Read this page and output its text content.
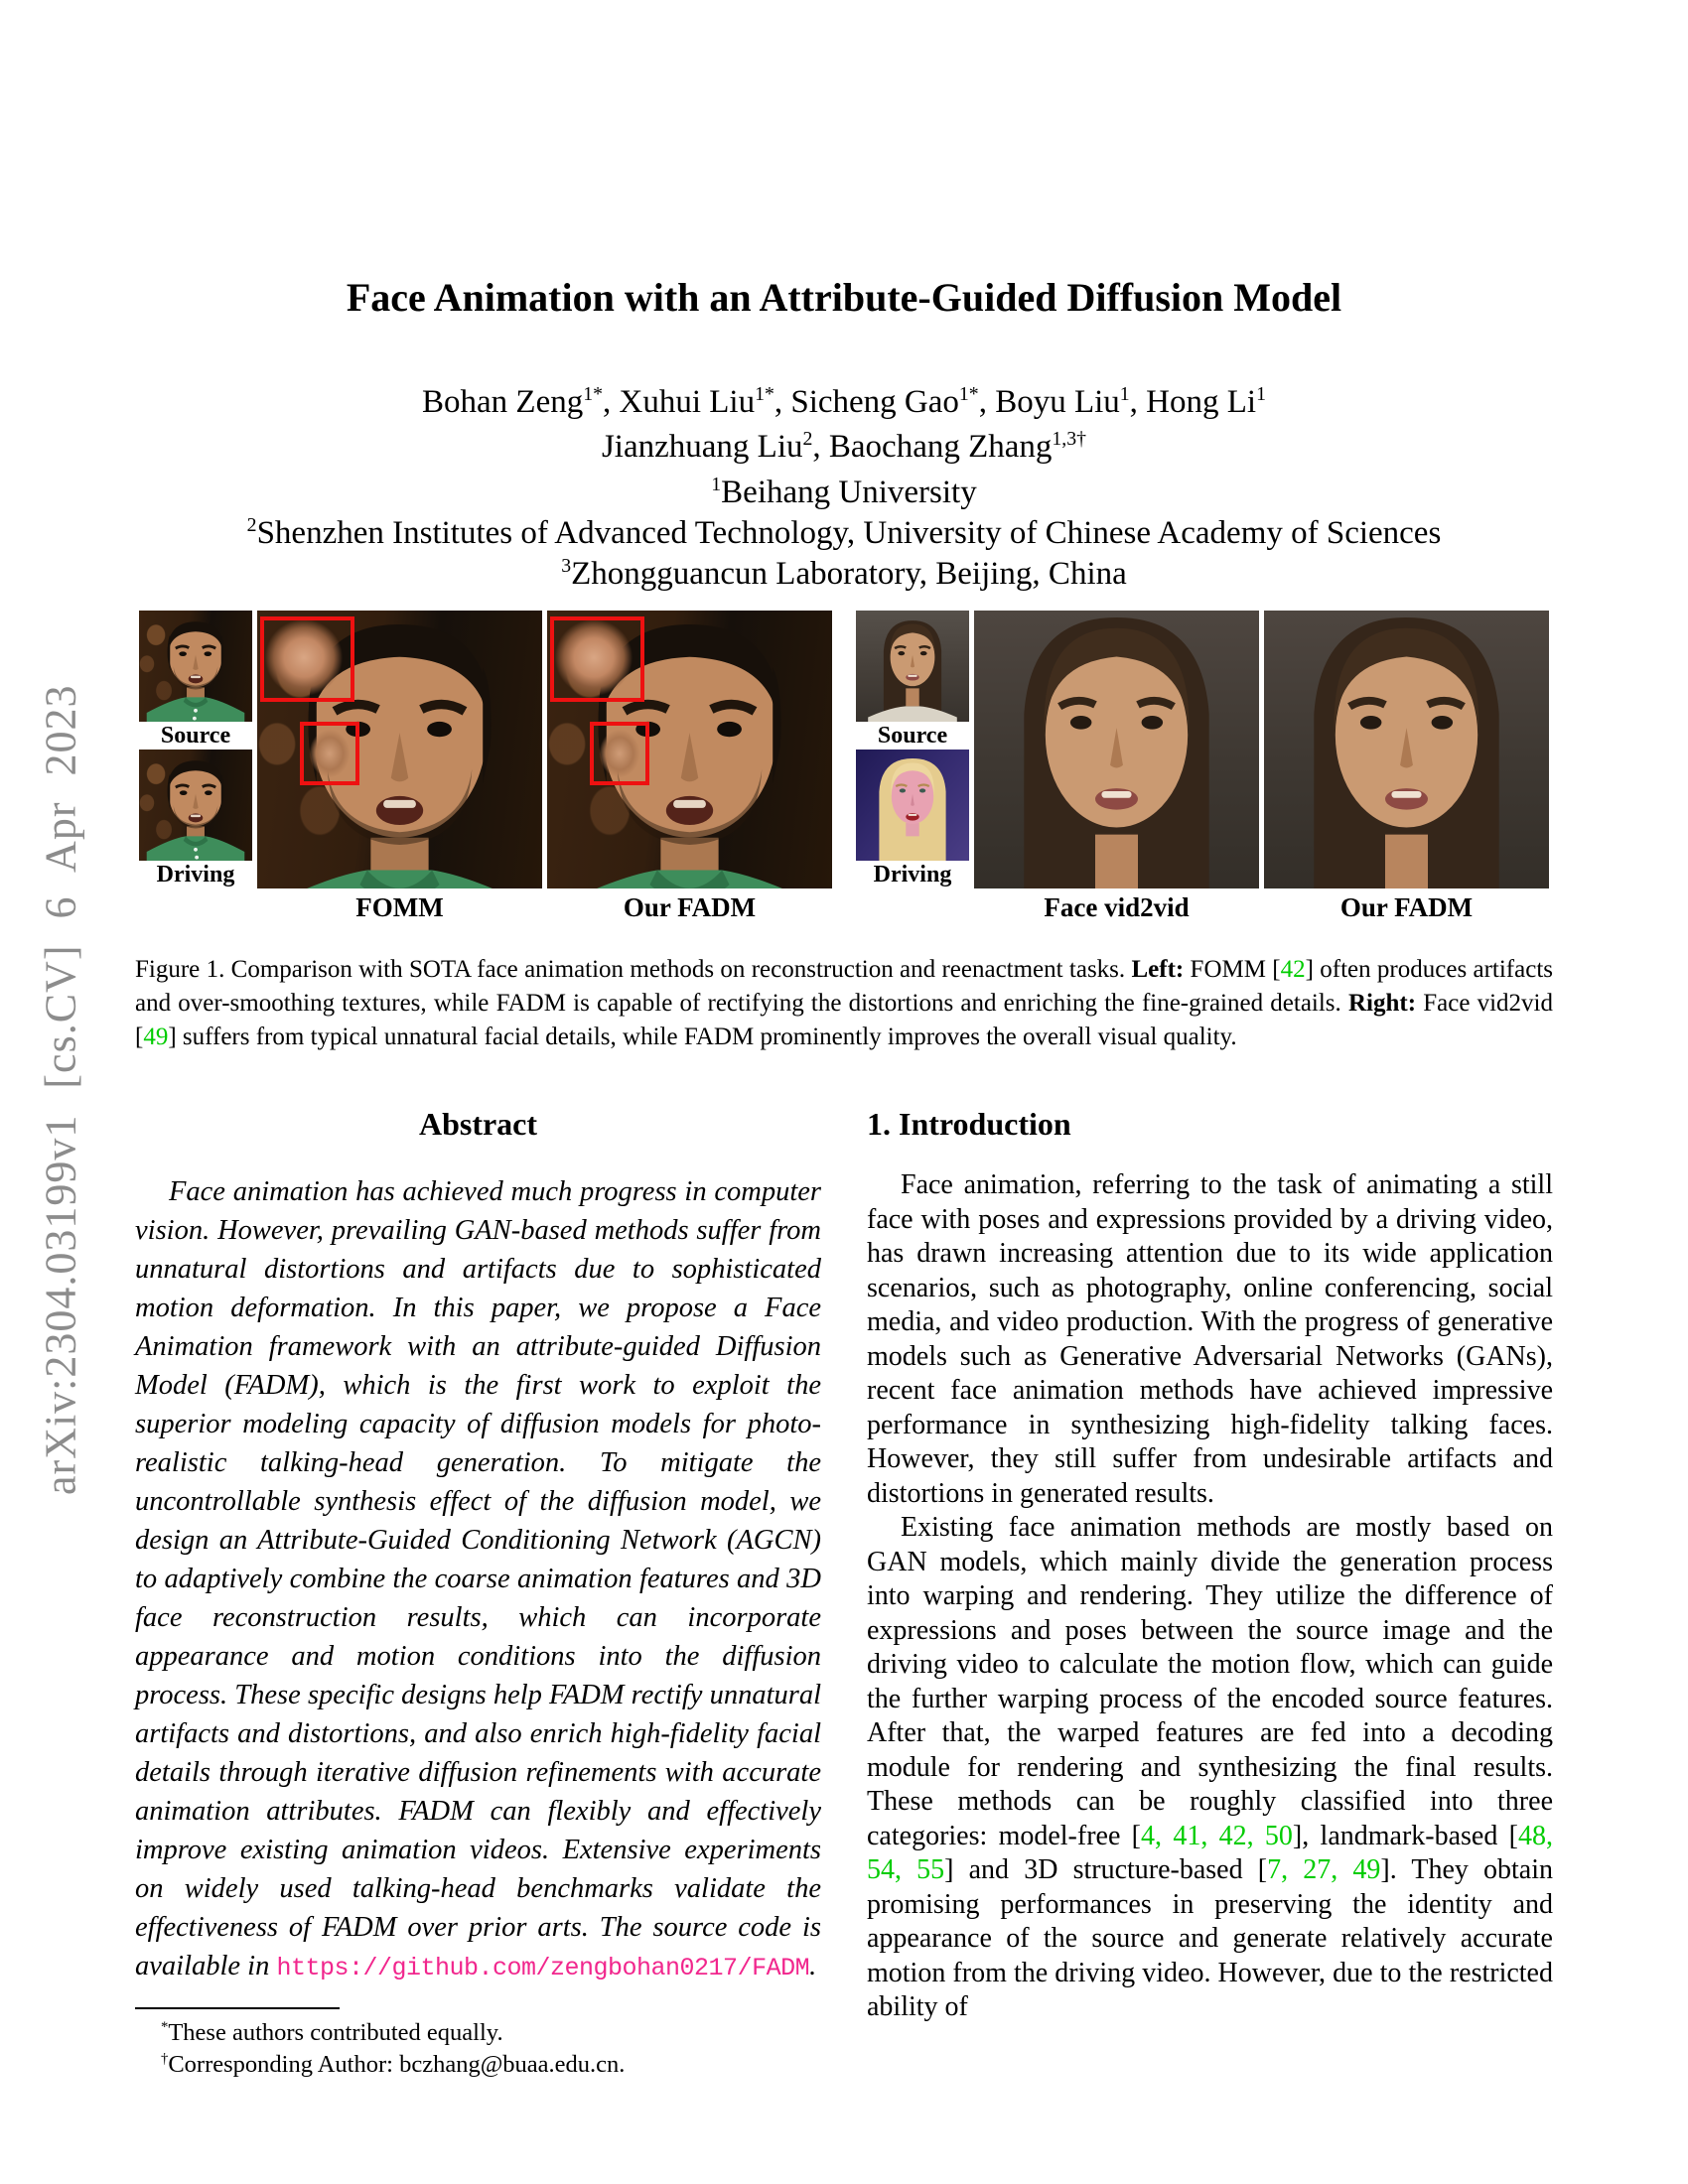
arXiv:2304.03199v1 [cs.CV] 6 Apr 2023
Face Animation with an Attribute-Guided Diffusion Model
Bohan Zeng$^{1*}$, Xuhui Liu$^{1*}$, Sicheng Gao$^{1*}$, Boyu Liu$^1$, Hong Li$^1$
Jianzhuang Liu$^2$, Baochang Zhang$^{1,3\dagger}$
$^1$Beihang University
$^2$Shenzhen Institutes of Advanced Technology, University of Chinese Academy of Sciences
$^3$Zhongguancun Laboratory, Beijing, China
Source
Driving
FOMM	Our FADM
Source
Driving
Face vid2vid	Our FADM
Figure 1. Comparison with SOTA face animation methods on reconstruction and reenactment tasks. Left: FOMM [42] often produces artifacts and over-smoothing textures, while FADM is capable of rectifying the distortions and enriching the fine-grained details. Right: Face vid2vid [49] suffers from typical unnatural facial details, while FADM prominently improves the overall visual quality.
Abstract

Face animation has achieved much progress in computer vision. However, prevailing GAN-based methods suffer from unnatural distortions and artifacts due to sophisticated motion deformation. In this paper, we propose a Face Animation framework with an attribute-guided Diffusion Model (FADM), which is the first work to exploit the superior modeling capacity of diffusion models for photo-realistic talking-head generation. To mitigate the uncontrollable synthesis effect of the diffusion model, we design an Attribute-Guided Conditioning Network (AGCN) to adaptively combine the coarse animation features and 3D face reconstruction results, which can incorporate appearance and motion conditions into the diffusion process. These specific designs help FADM rectify unnatural artifacts and distortions, and also enrich high-fidelity facial details through iterative diffusion refinements with accurate animation attributes. FADM can flexibly and effectively improve existing animation videos. Extensive experiments on widely used talking-head benchmarks validate the effectiveness of FADM over prior arts. The source code is available in https://github.com/zengbohan0217/FADM.

*These authors contributed equally.
†Corresponding Author: bczhang@buaa.edu.cn.
1. Introduction

Face animation, referring to the task of animating a still face with poses and expressions provided by a driving video, has drawn increasing attention due to its wide application scenarios, such as photography, online conferencing, social media, and video production. With the progress of generative models such as Generative Adversarial Networks (GANs), recent face animation methods have achieved impressive performance in synthesizing high-fidelity talking faces. However, they still suffer from undesirable artifacts and distortions in generated results.

Existing face animation methods are mostly based on GAN models, which mainly divide the generation process into warping and rendering. They utilize the difference of expressions and poses between the source image and the driving video to calculate the motion flow, which can guide the further warping process of the encoded source features. After that, the warped features are fed into a decoding module for rendering and synthesizing the final results. These methods can be roughly classified into three categories: model-free [4, 41, 42, 50], landmark-based [48, 54, 55] and 3D structure-based [7, 27, 49]. They obtain promising performances in preserving the identity and appearance of the source and generate relatively accurate motion from the driving video. However, due to the restricted ability of
